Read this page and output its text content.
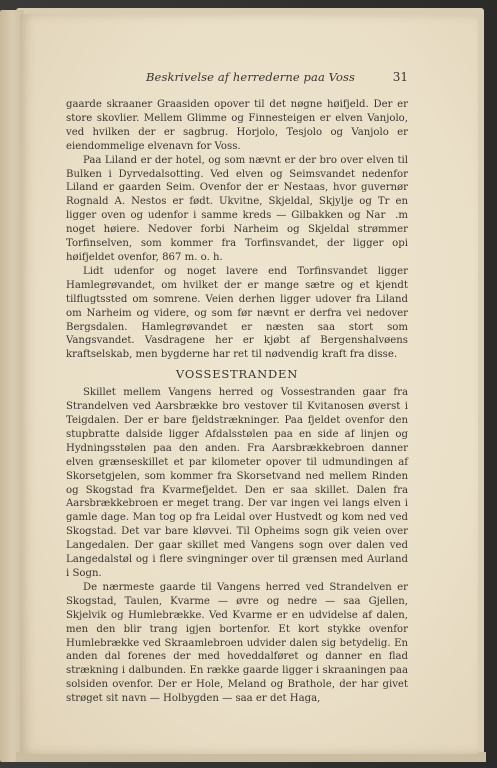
Beskrivelse af herrederne paa Voss	31

gaarde skraaner Graasiden opover til det nøgne høifjeld. Der er store skovlier. Mellem Glimme og Finnesteigen er elven Vanjolo, ved hvilken der er sagbrug. Horjolo, Tesjolo og Vanjolo er eiendommelige elvenavn for Voss.

Paa Liland er der hotel, og som nævnt er der bro over elven til Bulken i Dyrvedalsotting. Ved elven og Seimsvandet nedenfor Liland er gaarden Seim. Ovenfor der er Nestaas, hvor guvernør Rognald A. Nestos er født. Ukvitne, Skjeldal, Skjylje og Tr en ligger oven og udenfor i samme kreds — Gilbakken og Nar  .m noget høiere. Nedover forbi Narheim og Skjeldal strømmer Torfinselven, som kommer fra Torfinsvandet, der ligger opi høifjeldet ovenfor, 867 m. o. h.

Lidt udenfor og noget lavere end Torfinsvandet ligger Hamlegrøvandet, om hvilket der er mange sætre og et kjendt tilflugtssted om somrene. Veien derhen ligger udover fra Liland om Narheim og videre, og som før nævnt er derfra vei nedover Bergsdalen. Hamlegrøvandet er næsten saa stort som Vangsvandet. Vasdragene her er kjøbt af Bergenshalvøens kraftselskab, men bygderne har ret til nødvendig kraft fra disse.

VOSSESTRANDEN

Skillet mellem Vangens herred og Vossestranden gaar fra Strandelven ved Aarsbrække bro vestover til Kvitanosen øverst i Teigdalen. Der er bare fjeldstrækninger. Paa fjeldet ovenfor den stupbratte dalside ligger Afdalsstølen paa en side af linjen og Hydningsstølen paa den anden. Fra Aarsbrækkebroen danner elven grænseskillet et par kilometer opover til udmundingen af Skorsetgjelen, som kommer fra Skorsetvand ned mellem Rinden og Skogstad fra Kvarmefjeldet. Den er saa skillet. Dalen fra Aarsbrækkebroen er meget trang. Der var ingen vei langs elven i gamle dage. Man tog op fra Leidal over Hustvedt og kom ned ved Skogstad. Det var bare kløvvei. Til Opheims sogn gik veien over Langedalen. Der gaar skillet med Vangens sogn over dalen ved Langedalstøl og i flere svingninger over til grænsen med Aurland i Sogn.

De nærmeste gaarde til Vangens herred ved Strandelven er Skogstad, Taulen, Kvarme — øvre og nedre — saa Gjellen, Skjelvik og Humlebrække. Ved Kvarme er en udvidelse af dalen, men den blir trang igjen bortenfor. Et kort stykke ovenfor Humlebrække ved Skraamlebroen udvider dalen sig betydelig. En anden dal forenes der med hoveddalføret og danner en flad strækning i dalbunden. En række gaarde ligger i skraaningen paa solsiden ovenfor. Der er Hole, Meland og Brathole, der har givet strøget sit navn — Holbygden — saa er det Haga,
